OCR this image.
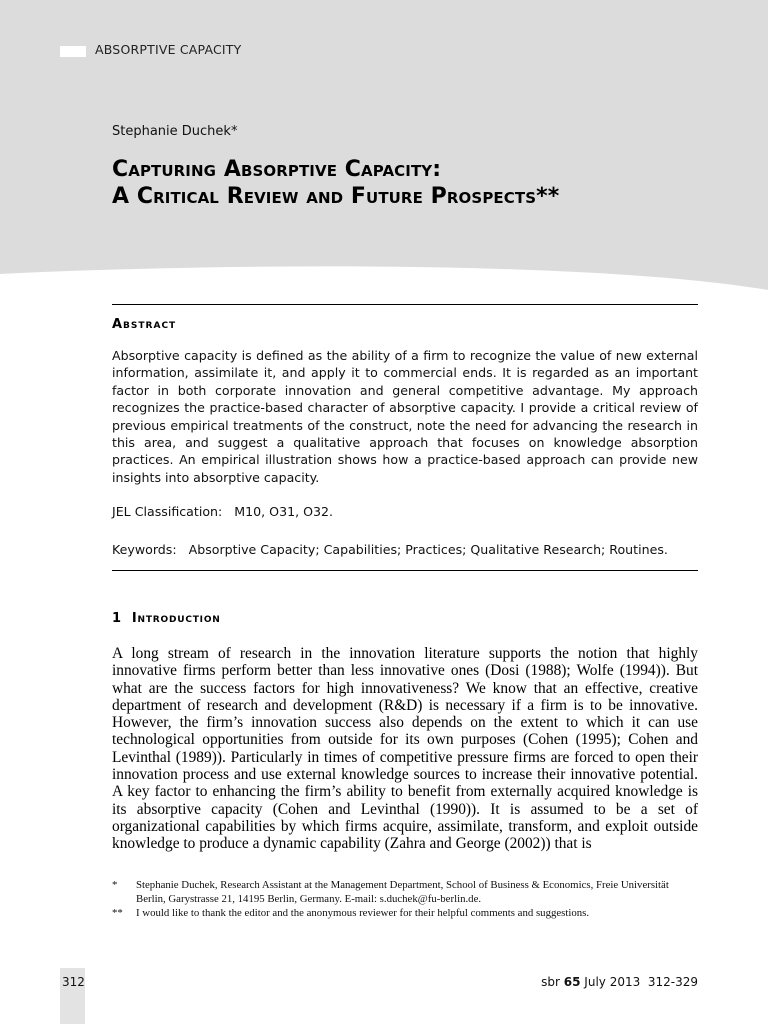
ABSORPTIVE CAPACITY
Stephanie Duchek*
Capturing Absorptive Capacity:
A Critical Review and Future Prospects**
Abstract

Absorptive capacity is defined as the ability of a firm to recognize the value of new external information, assimilate it, and apply it to commercial ends. It is regarded as an important factor in both corporate innovation and general competitive advantage. My approach recognizes the practice-based character of absorptive capacity. I provide a critical review of previous empirical treatments of the construct, note the need for advancing the research in this area, and suggest a qualitative approach that focuses on knowledge absorption practices. An empirical illustration shows how a practice-based approach can provide new insights into absorptive capacity.

JEL Classification: M10, O31, O32.
Keywords: Absorptive Capacity; Capabilities; Practices; Qualitative Research; Routines.
1 Introduction

A long stream of research in the innovation literature supports the notion that highly innovative firms perform better than less innovative ones (Dosi (1988); Wolfe (1994)). But what are the success factors for high innovativeness? We know that an effective, creative department of research and development (R&D) is necessary if a firm is to be innovative. However, the firm’s innovation success also depends on the extent to which it can use technological opportunities from outside for its own purposes (Cohen (1995); Cohen and Levinthal (1989)). Particularly in times of competitive pressure firms are forced to open their innovation process and use external knowledge sources to increase their innovative potential. A key factor to enhancing the firm’s ability to benefit from externally acquired knowledge is its absorptive capacity (Cohen and Levinthal (1990)). It is assumed to be a set of organizational capabilities by which firms acquire, assimilate, transform, and exploit outside knowledge to produce a dynamic capability (Zahra and George (2002)) that is

* Stephanie Duchek, Research Assistant at the Management Department, School of Business & Economics, Freie Universität Berlin, Garystrasse 21, 14195 Berlin, Germany. E-mail: s.duchek@fu-berlin.de.
** I would like to thank the editor and the anonymous reviewer for their helpful comments and suggestions.
312	sbr 65 July 2013  312-329
